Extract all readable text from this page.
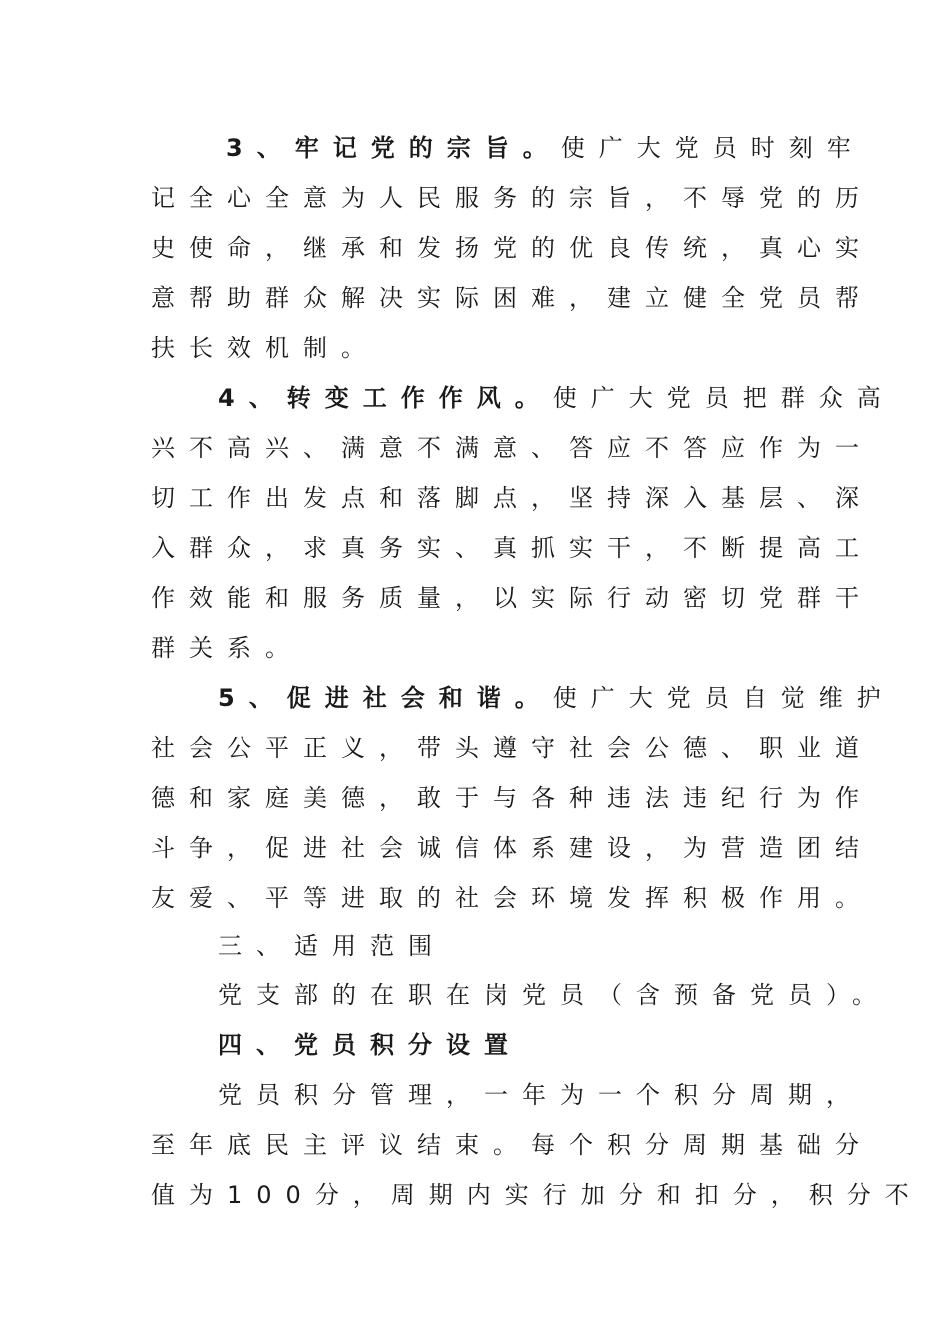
3、牢记党的宗旨。使广大党员时刻牢
记全心全意为人民服务的宗旨，不辱党的历
史使命，继承和发扬党的优良传统，真心实
意帮助群众解决实际困难，建立健全党员帮
扶长效机制。
4、转变工作作风。使广大党员把群众高
兴不高兴、满意不满意、答应不答应作为一
切工作出发点和落脚点，坚持深入基层、深
入群众，求真务实、真抓实干，不断提高工
作效能和服务质量，以实际行动密切党群干
群关系。
5、促进社会和谐。使广大党员自觉维护
社会公平正义，带头遵守社会公德、职业道
德和家庭美德，敢于与各种违法违纪行为作
斗争，促进社会诚信体系建设，为营造团结
友爱、平等进取的社会环境发挥积极作用。
三、适用范围
党支部的在职在岗党员（含预备党员）。
四、党员积分设置
党员积分管理，一年为一个积分周期，
至年底民主评议结束。每个积分周期基础分
值为100分，周期内实行加分和扣分，积分不
